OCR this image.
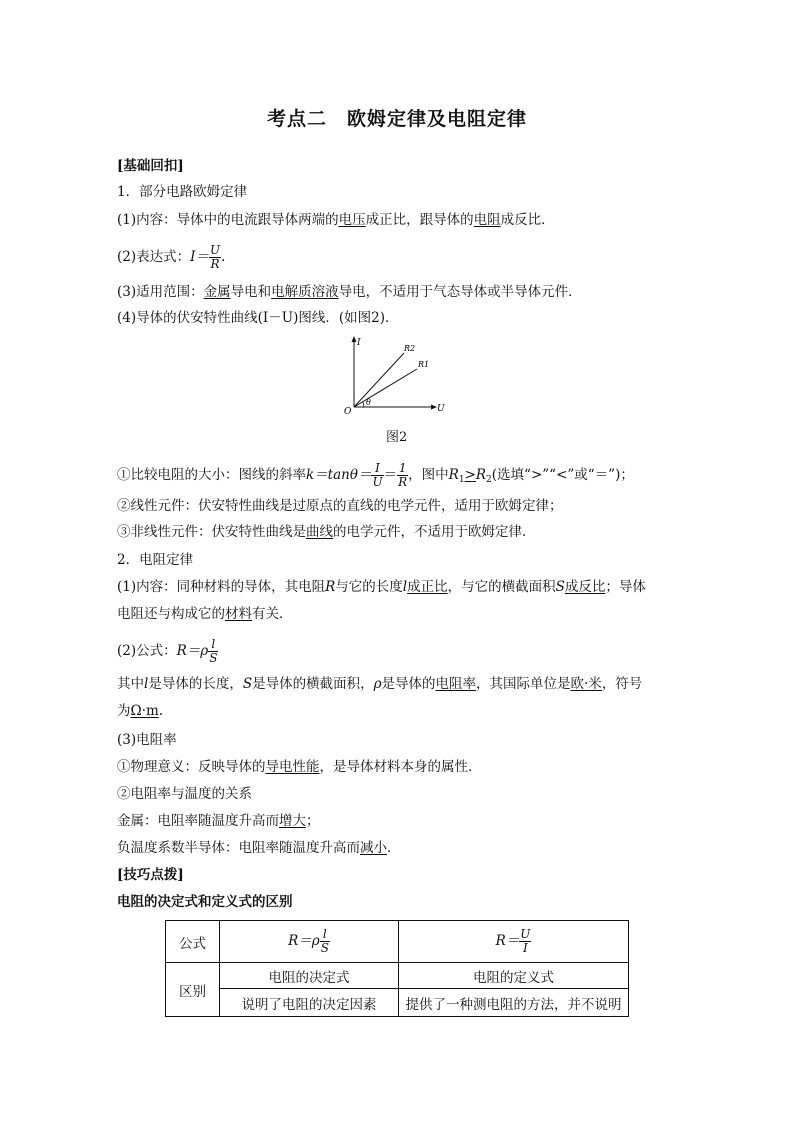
考点二　欧姆定律及电阻定律
[基础回扣]
1．部分电路欧姆定律
(1)内容：导体中的电流跟导体两端的电压成正比，跟导体的电阻成反比．
(2)表达式：$I= \frac{U}{R}$ .
(3)适用范围：金属导电和电解质溶液导电，不适用于气态导体或半导体元件．
(4)导体的伏安特性曲线(I－U)图线．(如图2)．
I
U
O
θ
R2
R1
图2
①比较电阻的大小：图线的斜率$k=\tan\theta= \frac{I}{U} = \frac{1}{R}$ ，图中$R_1>R_2$(选填“>”“<”或“＝”)；
②线性元件：伏安特性曲线是过原点的直线的电学元件，适用于欧姆定律；
③非线性元件：伏安特性曲线是曲线的电学元件，不适用于欧姆定律．
2．电阻定律
(1)内容：同种材料的导体，其电阻R与它的长度l成正比，与它的横截面积S成反比；导体
电阻还与构成它的材料有关．
(2)公式：$R=\rho \frac{l}{S}$
其中l是导体的长度，S是导体的横截面积，ρ是导体的电阻率，其国际单位是欧·米，符号
为Ω·m.
(3)电阻率
①物理意义：反映导体的导电性能，是导体材料本身的属性．
②电阻率与温度的关系
金属：电阻率随温度升高而增大；
负温度系数半导体：电阻率随温度升高而减小．
[技巧点拨]
电阻的决定式和定义式的区别
公式	$R=\rho \frac{l}{S}$	$R= \frac{U}{I}$

区别	电阻的决定式	电阻的定义式
	说明了电阻的决定因素	提供了一种测电阻的方法，并不说明
